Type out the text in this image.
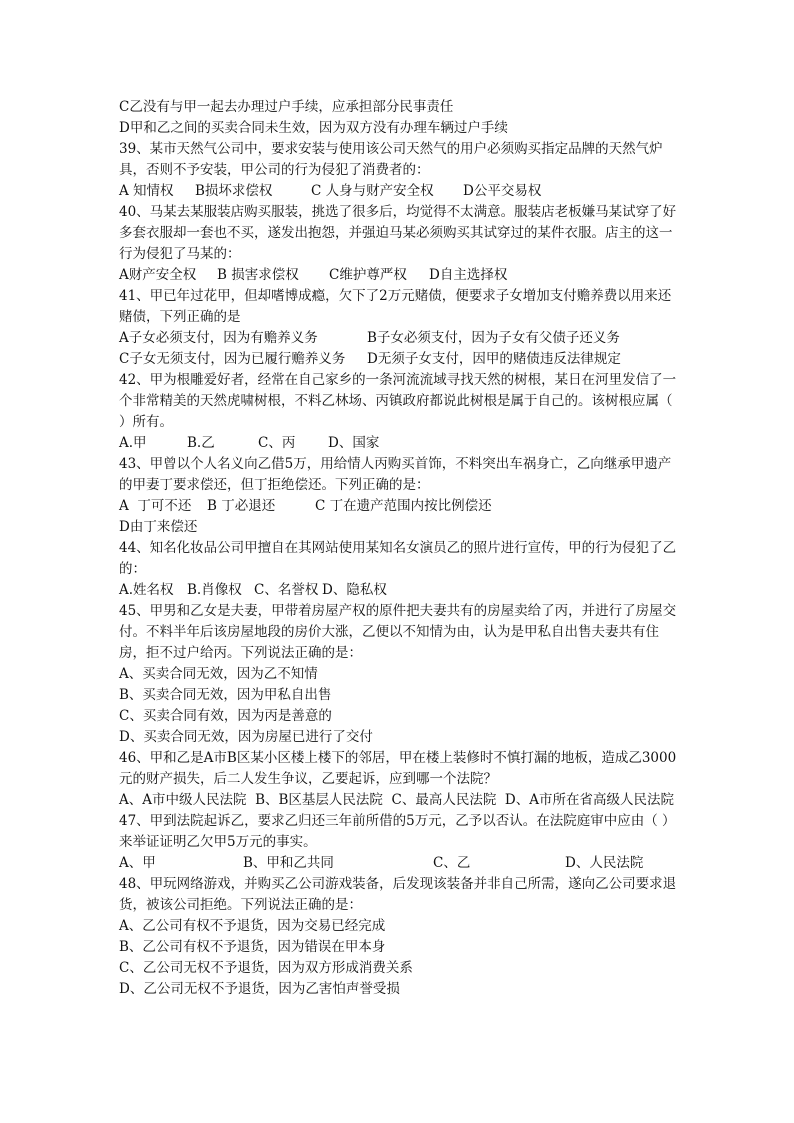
C乙没有与甲一起去办理过户手续，应承担部分民事责任
D甲和乙之间的买卖合同未生效，因为双方没有办理车辆过户手续
39、某市天然气公司中，要求安装与使用该公司天然气的用户必须购买指定品牌的天然气炉具，否则不予安装，甲公司的行为侵犯了消费者的：
A 知情权	B损坏求偿权	C 人身与财产安全权	D公平交易权
40、马某去某服装店购买服装，挑选了很多后，均觉得不太满意。服装店老板嫌马某试穿了好多套衣服却一套也不买，遂发出抱怨，并强迫马某必须购买其试穿过的某件衣服。店主的这一行为侵犯了马某的：
A财产安全权	B 损害求偿权	C维护尊严权	D自主选择权
41、甲已年过花甲，但却嗜博成瘾，欠下了2万元赌债，便要求子女增加支付赡养费以用来还赌债，下列正确的是
A子女必须支付，因为有赡养义务	B子女必须支付，因为子女有父债子还义务
C子女无须支付，因为已履行赡养义务	D无须子女支付，因甲的赌债违反法律规定
42、甲为根雕爱好者，经常在自己家乡的一条河流流域寻找天然的树根，某日在河里发信了一个非常精美的天然虎啸树根，不料乙林场、丙镇政府都说此树根是属于自己的。该树根应属（ ）所有。
A.甲	B.乙	C、丙	D、国家
43、甲曾以个人名义向乙借5万，用给情人丙购买首饰，不料突出车祸身亡，乙向继承甲遗产的甲妻丁要求偿还，但丁拒绝偿还。下列正确的是：
A  丁可不还	B 丁必退还	C 丁在遗产范围内按比例偿还
D由丁来偿还
44、知名化妆品公司甲擅自在其网站使用某知名女演员乙的照片进行宣传，甲的行为侵犯了乙的：
A.姓名权 B.肖像权 C、名誉权 D、隐私权
45、甲男和乙女是夫妻，甲带着房屋产权的原件把夫妻共有的房屋卖给了丙，并进行了房屋交付。不料半年后该房屋地段的房价大涨，乙便以不知情为由，认为是甲私自出售夫妻共有住房，拒不过户给丙。下列说法正确的是：
A、买卖合同无效，因为乙不知情
B、买卖合同无效，因为甲私自出售
C、买卖合同有效，因为丙是善意的
D、买卖合同无效，因为房屋已进行了交付
46、甲和乙是A市B区某小区楼上楼下的邻居，甲在楼上装修时不慎打漏的地板，造成乙3000元的财产损失，后二人发生争议，乙要起诉，应到哪一个法院？
A、A市中级人民法院  B、B区基层人民法院  C、最高人民法院  D、A市所在省高级人民法院
47、甲到法院起诉乙，要求乙归还三年前所借的5万元，乙予以否认。在法院庭审中应由（ ）来举证证明乙欠甲5万元的事实。
A、甲	B、甲和乙共同	C、乙	D、人民法院
48、甲玩网络游戏，并购买乙公司游戏装备，后发现该装备并非自己所需，遂向乙公司要求退货，被该公司拒绝。下列说法正确的是：
A、乙公司有权不予退货，因为交易已经完成
B、乙公司有权不予退货，因为错误在甲本身
C、乙公司无权不予退货，因为双方形成消费关系
D、乙公司无权不予退货，因为乙害怕声誉受损
